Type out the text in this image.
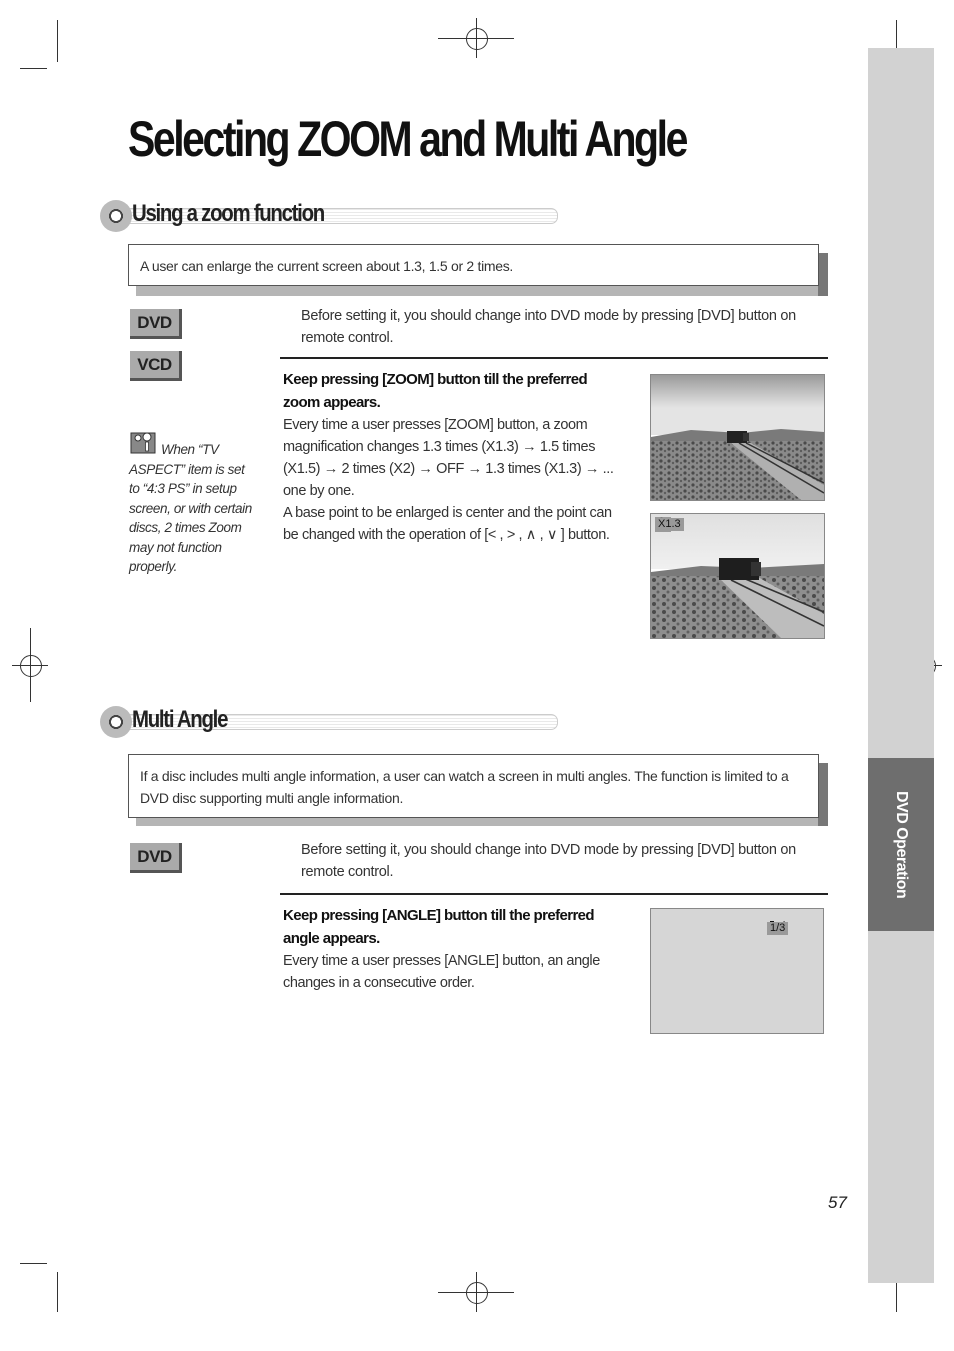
DVD Operation
Selecting ZOOM and Multi Angle
Using a zoom function
A user can enlarge the current screen about 1.3, 1.5 or 2 times.
DVD
VCD
Before setting it, you should change into DVD mode by pressing [DVD] button on remote control.
When “TV ASPECT” item is set to “4:3 PS” in setup screen, or with certain discs, 2 times Zoom may not function properly.
Keep pressing [ZOOM] button till the preferred zoom appears.
Every time a user presses [ZOOM] button, a zoom magnification changes 1.3 times (X1.3) → 1.5 times (X1.5) → 2 times (X2) → OFF → 1.3 times (X1.3) → ... one by one.
A base point to be enlarged is center and the point can be changed with the operation of [< , > , ∧ , ∨ ] button.
X1.3
Multi Angle
If a disc includes multi angle information, a user can watch a screen in multi angles. The function is limited to a DVD disc supporting multi angle information.
DVD	Before setting it, you should change into DVD mode by pressing [DVD] button on remote control.
Keep pressing [ANGLE] button till the preferred angle appears.
Every time a user presses [ANGLE] button, an angle changes in a consecutive order.
1/3
57
